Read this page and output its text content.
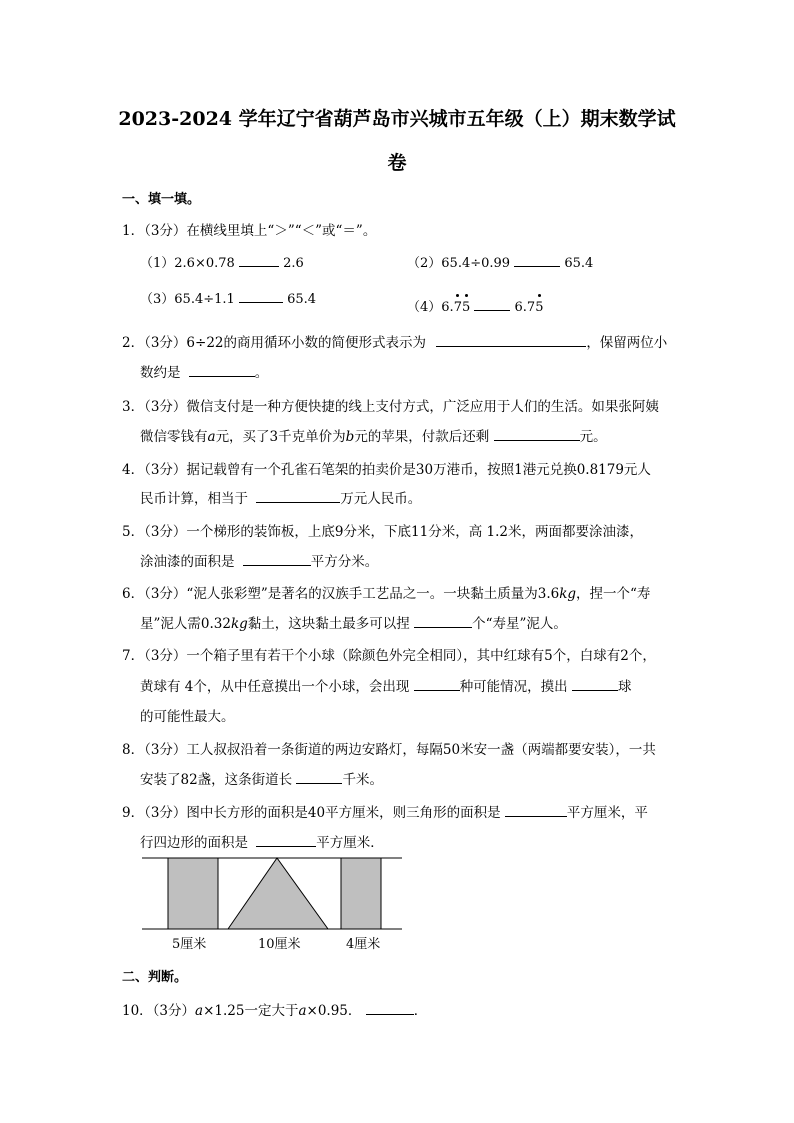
2023-2024 学年辽宁省葫芦岛市兴城市五年级（上）期末数学试
卷
一、填一填。
1．（3分）在横线里填上“＞”“＜”或“＝”。
（1）2.6×0.78	2.6	（2）65.4÷0.99	65.4
（3）65.4÷1.1	65.4
（4）6.75	6.75
2．（3分）6÷22的商用循环小数的简便形式表示为	，保留两位小
数约是	。
3．（3分）微信支付是一种方便快捷的线上支付方式，广泛应用于人们的生活。如果张阿姨
微信零钱有a元，买了3千克单价为b元的苹果，付款后还剩	元。
4．（3分）据记载曾有一个孔雀石笔架的拍卖价是30万港币，按照1港元兑换0.8179元人
民币计算，相当于	万元人民币。
5．（3分）一个梯形的装饰板，上底9分米，下底11分米，高 1.2米，两面都要涂油漆，
涂油漆的面积是	平方分米。
6．（3分）“泥人张彩塑”是著名的汉族手工艺品之一。一块黏土质量为3.6kg，捏一个“寿
星”泥人需0.32kg黏土，这块黏土最多可以捏	个“寿星”泥人。
7．（3分）一个箱子里有若干个小球（除颜色外完全相同），其中红球有5个，白球有2个，
黄球有 4个，从中任意摸出一个小球，会出现	种可能情况，摸出	球
的可能性最大。
8．（3分）工人叔叔沿着一条街道的两边安路灯，每隔50米安一盏（两端都要安装），一共
安装了82盏，这条街道长	千米。
9．（3分）图中长方形的面积是40平方厘米，则三角形的面积是	平方厘米，平
行四边形的面积是	平方厘米．
5厘米	10厘米	4厘米
二、判断。
10．（3分）a×1.25一定大于a×0.95．	．
